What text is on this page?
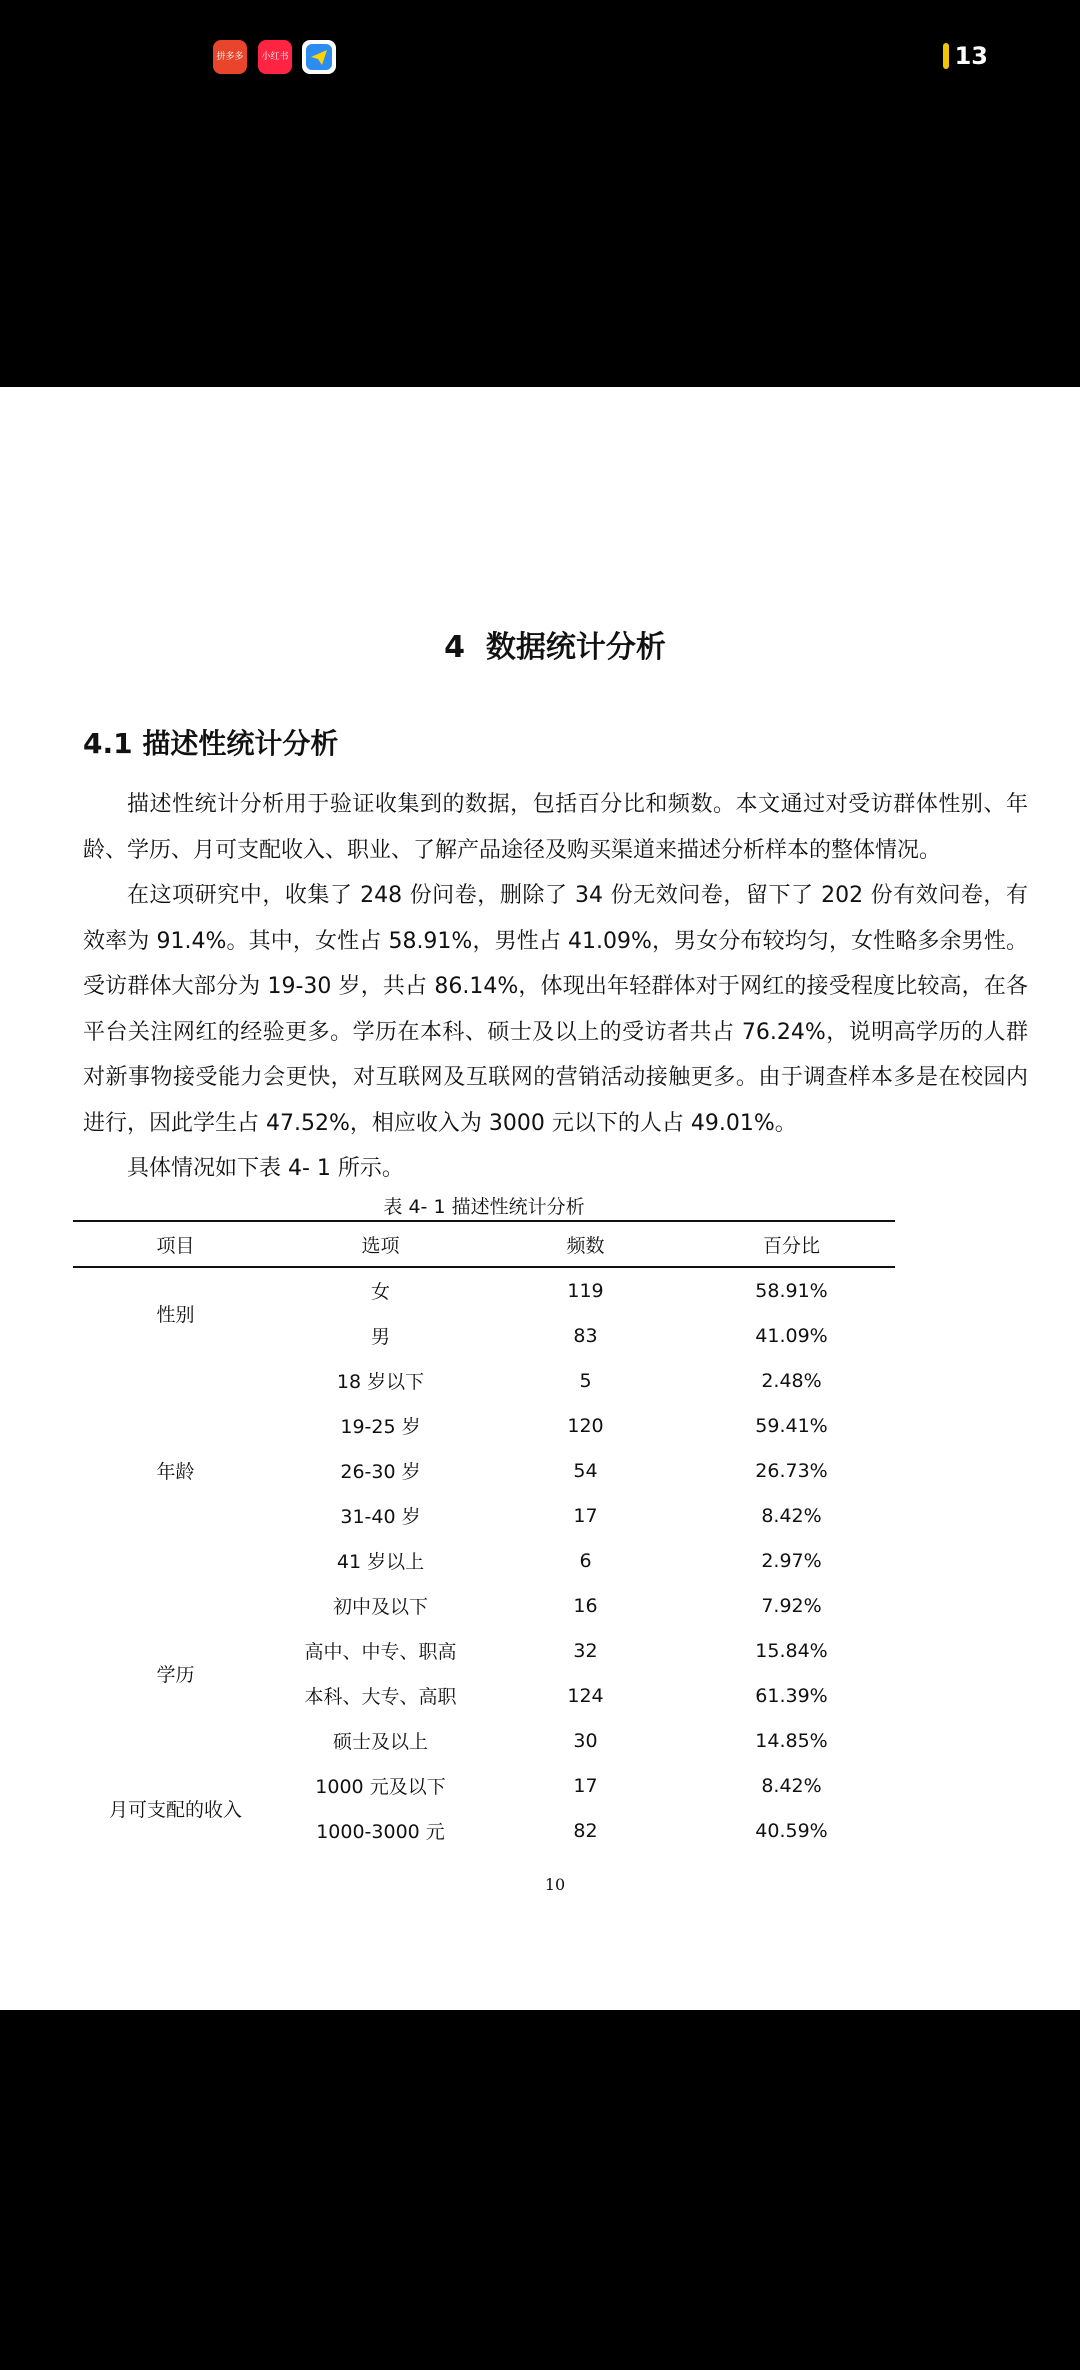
拼多多	小红书	13
4  数据统计分析
4.1 描述性统计分析

描述性统计分析用于验证收集到的数据，包括百分比和频数。本文通过对受访群体性别、年龄、学历、月可支配收入、职业、了解产品途径及购买渠道来描述分析样本的整体情况。

在这项研究中，收集了 248 份问卷，删除了 34 份无效问卷，留下了 202 份有效问卷，有效率为 91.4%。其中，女性占 58.91%，男性占 41.09%，男女分布较均匀，女性略多余男性。受访群体大部分为 19-30 岁，共占 86.14%，体现出年轻群体对于网红的接受程度比较高，在各平台关注网红的经验更多。学历在本科、硕士及以上的受访者共占 76.24%，说明高学历的人群对新事物接受能力会更快，对互联网及互联网的营销活动接触更多。由于调查样本多是在校园内进行，因此学生占 47.52%，相应收入为 3000 元以下的人占 49.01%。

具体情况如下表 4- 1 所示。

表 4- 1 描述性统计分析
项目	选项	频数	百分比
性别	女	119	58.91%
	男	83	41.09%
年龄	18 岁以下	5	2.48%
	19-25 岁	120	59.41%
	26-30 岁	54	26.73%
	31-40 岁	17	8.42%
	41 岁以上	6	2.97%
学历	初中及以下	16	7.92%
	高中、中专、职高	32	15.84%
	本科、大专、高职	124	61.39%
	硕士及以上	30	14.85%
月可支配的收入	1000 元及以下	17	8.42%
	1000-3000 元	82	40.59%
10
